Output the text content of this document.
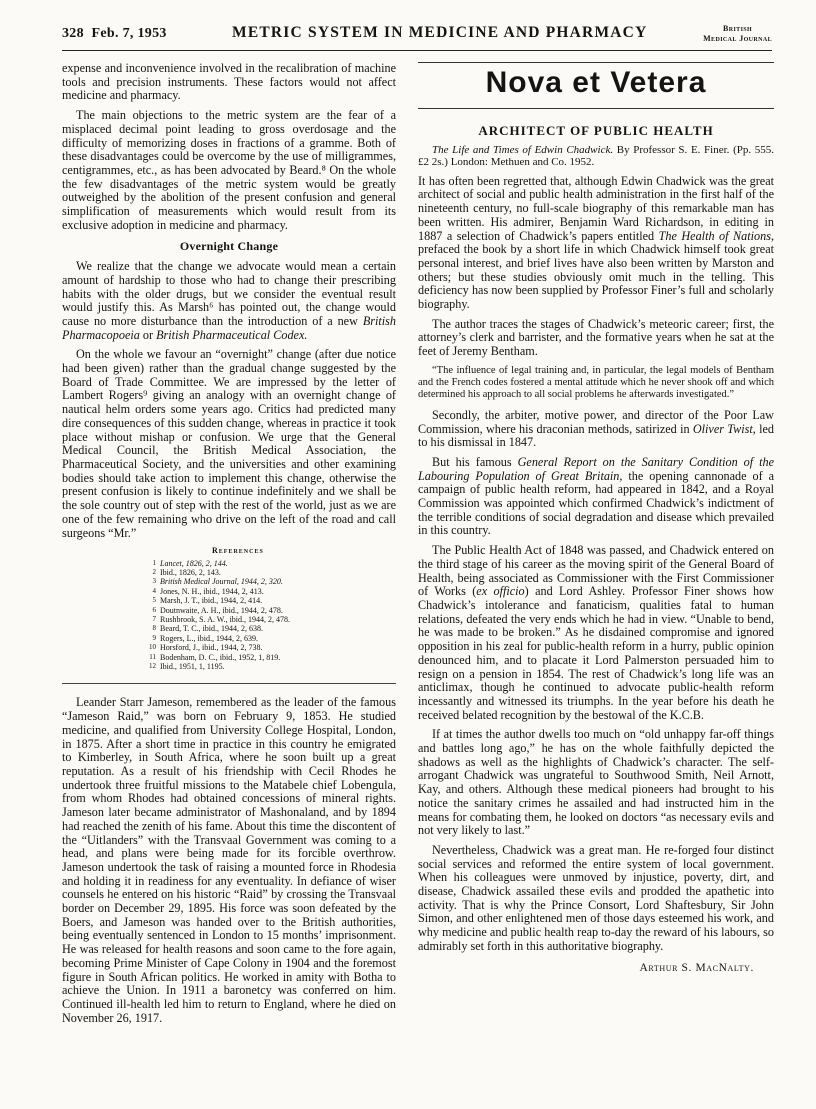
328 Feb. 7, 1953	METRIC SYSTEM IN MEDICINE AND PHARMACY	British
Medical Journal

expense and inconvenience involved in the recalibration of machine tools and precision instruments. These factors would not affect medicine and pharmacy.

The main objections to the metric system are the fear of a misplaced decimal point leading to gross overdosage and the difficulty of memorizing doses in fractions of a gramme. Both of these disadvantages could be overcome by the use of milligrammes, centigrammes, etc., as has been advocated by Beard.⁸ On the whole the few disadvantages of the metric system would be greatly outweighed by the abolition of the present confusion and general simplification of measurements which would result from its exclusive adoption in medicine and pharmacy.

Overnight Change

We realize that the change we advocate would mean a certain amount of hardship to those who had to change their prescribing habits with the older drugs, but we consider the eventual result would justify this. As Marsh⁶ has pointed out, the change would cause no more disturbance than the introduction of a new British Pharmacopoeia or British Pharmaceutical Codex.

On the whole we favour an “overnight” change (after due notice had been given) rather than the gradual change suggested by the Board of Trade Committee. We are impressed by the letter of Lambert Rogers⁹ giving an analogy with an overnight change of nautical helm orders some years ago. Critics had predicted many dire consequences of this sudden change, whereas in practice it took place without mishap or confusion. We urge that the General Medical Council, the British Medical Association, the Pharmaceutical Society, and the universities and other examining bodies should take action to implement this change, otherwise the present confusion is likely to continue indefinitely and we shall be the sole country out of step with the rest of the world, just as we are one of the few remaining who drive on the left of the road and call surgeons “Mr.”

References
1 Lancet, 1826, 2, 144.
2 Ibid., 1826, 2, 143.
3 British Medical Journal, 1944, 2, 320.
4 Jones, N. H., ibid., 1944, 2, 413.
5 Marsh, J. T., ibid., 1944, 2, 414.
6 Doutnwaite, A. H., ibid., 1944, 2, 478.
7 Rushbrook, S. A. W., ibid., 1944, 2, 478.
8 Beard, T. C., ibid., 1944, 2, 638.
9 Rogers, L., ibid., 1944, 2, 639.
10 Horsford, J., ibid., 1944, 2, 738.
11 Bodenham, D. C., ibid., 1952, 1, 819.
12 Ibid., 1951, 1, 1195.

Leander Starr Jameson, remembered as the leader of the famous “Jameson Raid,” was born on February 9, 1853. He studied medicine, and qualified from University College Hospital, London, in 1875. After a short time in practice in this country he emigrated to Kimberley, in South Africa, where he soon built up a great reputation. As a result of his friendship with Cecil Rhodes he undertook three fruitful missions to the Matabele chief Lobengula, from whom Rhodes had obtained concessions of mineral rights. Jameson later became administrator of Mashonaland, and by 1894 had reached the zenith of his fame. About this time the discontent of the “Uitlanders” with the Transvaal Government was coming to a head, and plans were being made for its forcible overthrow. Jameson undertook the task of raising a mounted force in Rhodesia and holding it in readiness for any eventuality. In defiance of wiser counsels he entered on his historic “Raid” by crossing the Transvaal border on December 29, 1895. His force was soon defeated by the Boers, and Jameson was handed over to the British authorities, being eventually sentenced in London to 15 months’ imprisonment. He was released for health reasons and soon came to the fore again, becoming Prime Minister of Cape Colony in 1904 and the foremost figure in South African politics. He worked in amity with Botha to achieve the Union. In 1911 a baronetcy was conferred on him. Continued ill-health led him to return to England, where he died on November 26, 1917.

Nova et Vetera
ARCHITECT OF PUBLIC HEALTH
The Life and Times of Edwin Chadwick. By Professor S. E. Finer. (Pp. 555. £2 2s.) London: Methuen and Co. 1952.

It has often been regretted that, although Edwin Chadwick was the great architect of social and public health administration in the first half of the nineteenth century, no full-scale biography of this remarkable man has been written. His admirer, Benjamin Ward Richardson, in editing in 1887 a selection of Chadwick’s papers entitled The Health of Nations, prefaced the book by a short life in which Chadwick himself took great personal interest, and brief lives have also been written by Marston and others; but these studies obviously omit much in the telling. This deficiency has now been supplied by Professor Finer’s full and scholarly biography.

The author traces the stages of Chadwick’s meteoric career; first, the attorney’s clerk and barrister, and the formative years when he sat at the feet of Jeremy Bentham.

“The influence of legal training and, in particular, the legal models of Bentham and the French codes fostered a mental attitude which he never shook off and which determined his approach to all social problems he afterwards investigated.”

Secondly, the arbiter, motive power, and director of the Poor Law Commission, where his draconian methods, satirized in Oliver Twist, led to his dismissal in 1847.

But his famous General Report on the Sanitary Condition of the Labouring Population of Great Britain, the opening cannonade of a campaign of public health reform, had appeared in 1842, and a Royal Commission was appointed which confirmed Chadwick’s indictment of the terrible conditions of social degradation and disease which prevailed in this country.

The Public Health Act of 1848 was passed, and Chadwick entered on the third stage of his career as the moving spirit of the General Board of Health, being associated as Commissioner with the First Commissioner of Works (ex officio) and Lord Ashley. Professor Finer shows how Chadwick’s intolerance and fanaticism, qualities fatal to human relations, defeated the very ends which he had in view. “Unable to bend, he was made to be broken.” As he disdained compromise and ignored opposition in his zeal for public-health reform in a hurry, public opinion denounced him, and to placate it Lord Palmerston persuaded him to resign on a pension in 1854. The rest of Chadwick’s long life was an anticlimax, though he continued to advocate public-health reform incessantly and witnessed its triumphs. In the year before his death he received belated recognition by the bestowal of the K.C.B.

If at times the author dwells too much on “old unhappy far-off things and battles long ago,” he has on the whole faithfully depicted the shadows as well as the highlights of Chadwick’s character. The self-arrogant Chadwick was ungrateful to Southwood Smith, Neil Arnott, Kay, and others. Although these medical pioneers had brought to his notice the sanitary crimes he assailed and had instructed him in the means for combating them, he looked on doctors “as necessary evils and not very likely to last.”

Nevertheless, Chadwick was a great man. He re-forged four distinct social services and reformed the entire system of local government. When his colleagues were unmoved by injustice, poverty, dirt, and disease, Chadwick assailed these evils and prodded the apathetic into activity. That is why the Prince Consort, Lord Shaftesbury, Sir John Simon, and other enlightened men of those days esteemed his work, and why medicine and public health reap to-day the reward of his labours, so admirably set forth in this authoritative biography.

Arthur S. MacNalty.
